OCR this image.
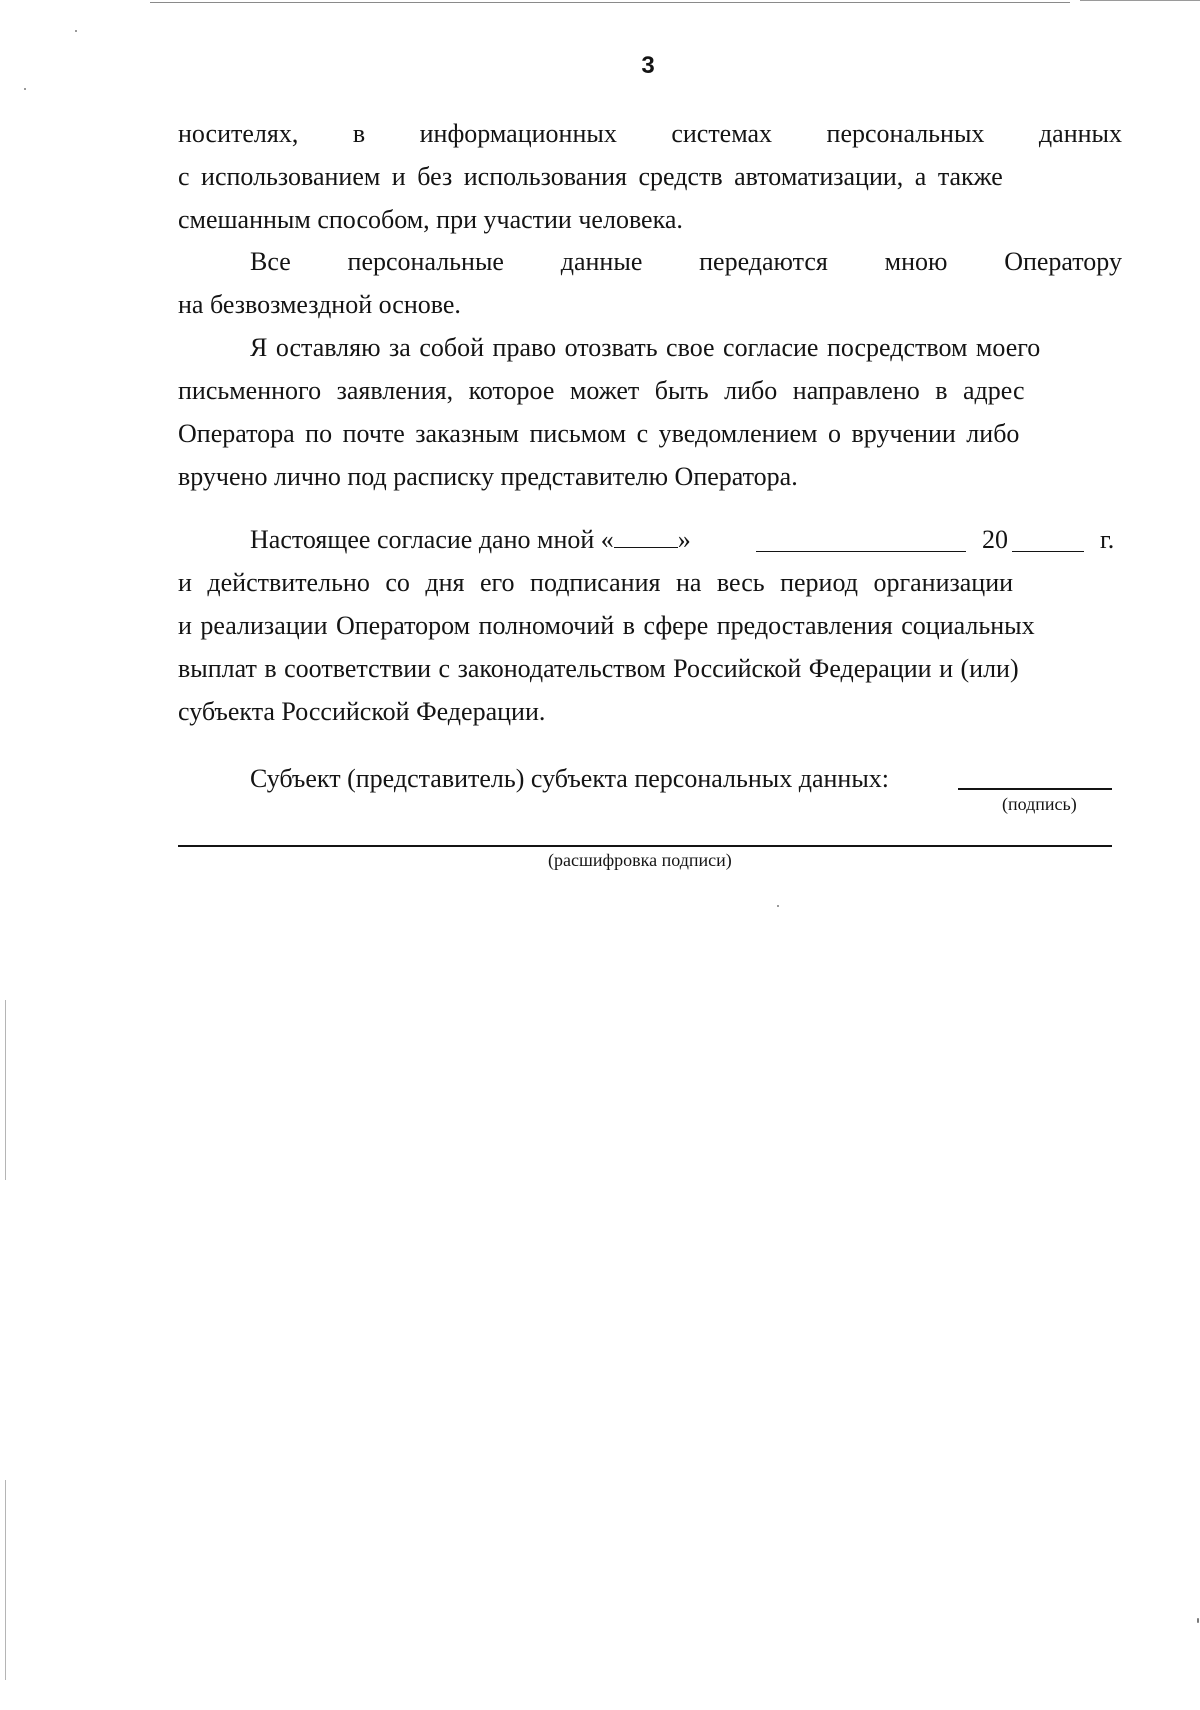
3
носителях, в информационных системах персональных данных
с использованием и без использования средств автоматизации, а также
смешанным способом, при участии человека.
Все персональные данные передаются мною Оператору
на безвозмездной основе.
Я оставляю за собой право отозвать свое согласие посредством моего
письменного заявления, которое может быть либо направлено в адрес
Оператора по почте заказным письмом с уведомлением о вручении либо
вручено лично под расписку представителю Оператора.
Настоящее согласие дано мной « »	20	г.
и действительно со дня его подписания на весь период организации
и реализации Оператором полномочий в сфере предоставления социальных
выплат в соответствии с законодательством Российской Федерации и (или)
субъекта Российской Федерации.
Субъект (представитель) субъекта персональных данных:
(подпись)
(расшифровка подписи)
